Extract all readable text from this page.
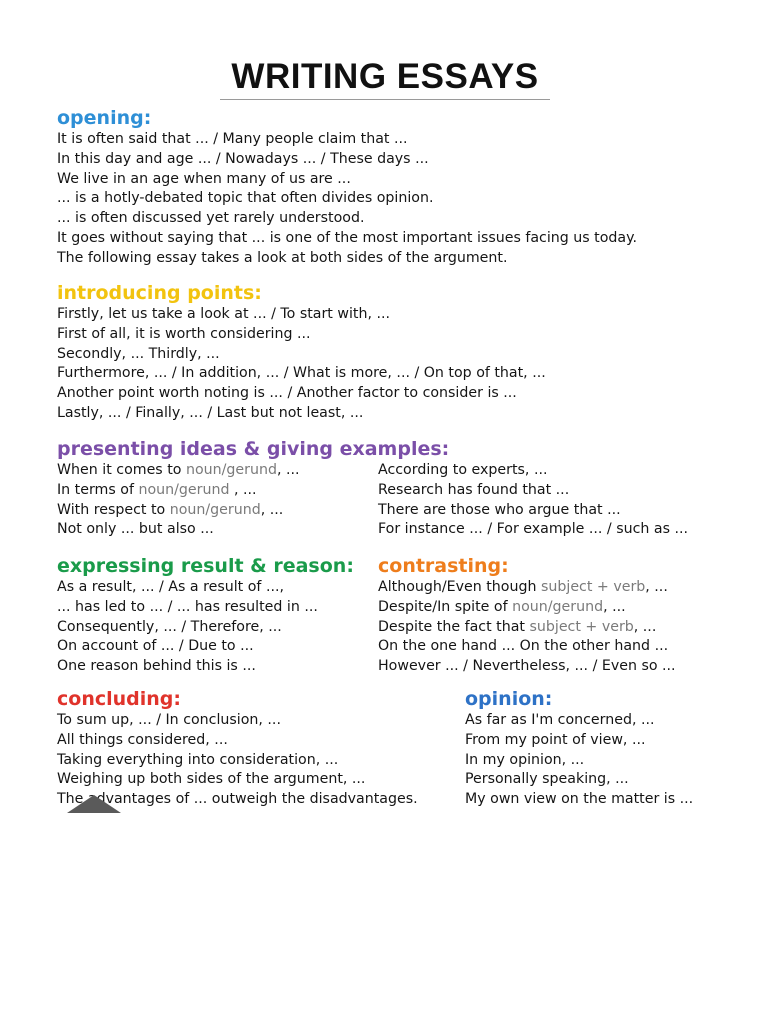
WRITING ESSAYS
opening:
It is often said that ... / Many people claim that ...
In this day and age ... / Nowadays ... / These days ...
We live in an age when many of us are ...
... is a hotly-debated topic that often divides opinion.
... is often discussed yet rarely understood.
It goes without saying that ... is one of the most important issues facing us today.
The following essay takes a look at both sides of the argument.
introducing points:
Firstly, let us take a look at ... / To start with, ...
First of all, it is worth considering ...
Secondly, ... Thirdly, ...
Furthermore, ... / In addition, ... / What is more, ... / On top of that, ...
Another point worth noting is ... / Another factor to consider is ...
Lastly, ... / Finally, ... / Last but not least, ...
presenting ideas & giving examples:
When it comes to noun/gerund, ...
In terms of noun/gerund , ...
With respect to noun/gerund, ...
Not only ... but also ...
According to experts, ...
Research has found that ...
There are those who argue that ...
For instance ... / For example ... / such as ...
expressing result & reason:
As a result, ... / As a result of ...,
... has led to ... / ... has resulted in ...
Consequently, ... / Therefore, ...
On account of ... / Due to ...
One reason behind this is ...
contrasting:
Although/Even though subject + verb, ...
Despite/In spite of noun/gerund, ...
Despite the fact that subject + verb, ...
On the one hand ... On the other hand ...
However ... / Nevertheless, ... / Even so ...
concluding:
To sum up, ... / In conclusion, ...
All things considered, ...
Taking everything into consideration, ...
Weighing up both sides of the argument, ...
The advantages of ... outweigh the disadvantages.
opinion:
As far as I'm concerned, ...
From my point of view, ...
In my opinion, ...
Personally speaking, ...
My own view on the matter is ...
